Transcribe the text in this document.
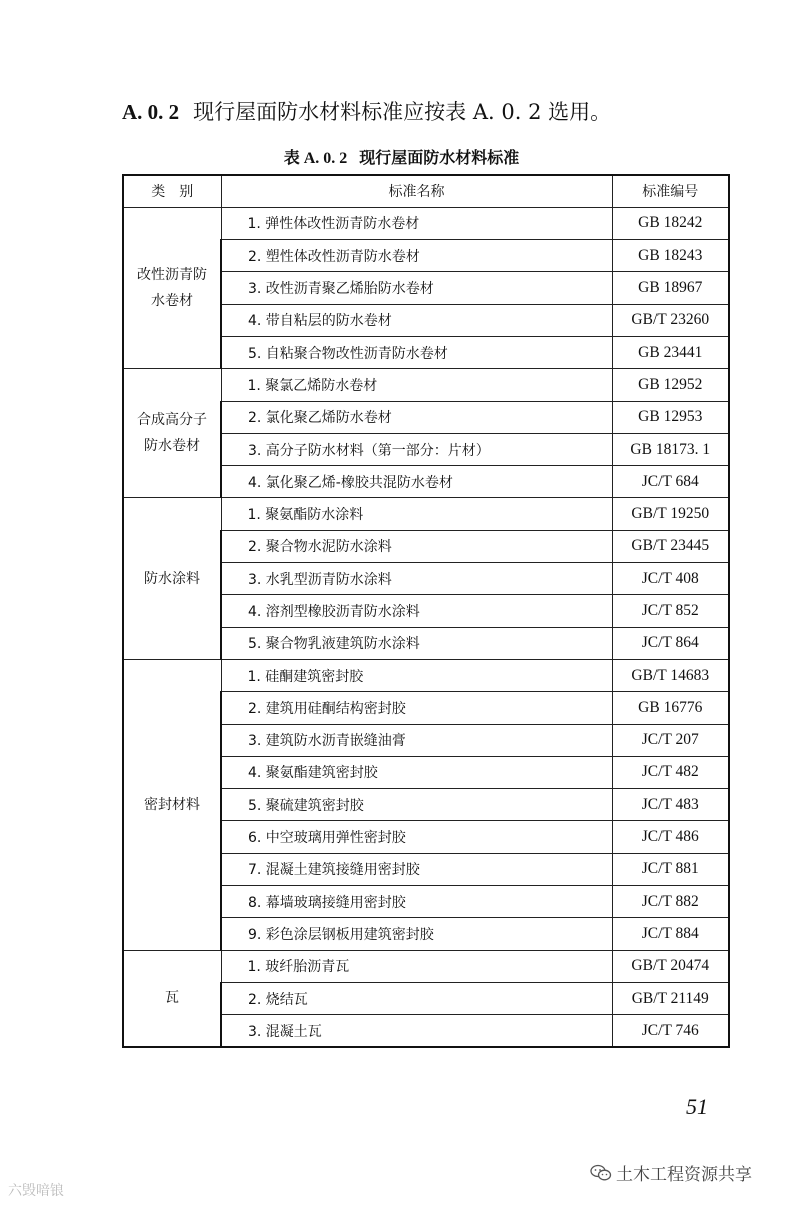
A. 0. 2 现行屋面防水材料标准应按表 A. 0. 2 选用。
表 A. 0. 2 现行屋面防水材料标准
类　别	标准名称	标准编号
改性沥青防水卷材	1. 弹性体改性沥青防水卷材	GB 18242
	2. 塑性体改性沥青防水卷材	GB 18243
	3. 改性沥青聚乙烯胎防水卷材	GB 18967
	4. 带自粘层的防水卷材	GB/T 23260
	5. 自粘聚合物改性沥青防水卷材	GB 23441
合成高分子防水卷材	1. 聚氯乙烯防水卷材	GB 12952
	2. 氯化聚乙烯防水卷材	GB 12953
	3. 高分子防水材料（第一部分：片材）	GB 18173. 1
	4. 氯化聚乙烯-橡胶共混防水卷材	JC/T 684
防水涂料	1. 聚氨酯防水涂料	GB/T 19250
	2. 聚合物水泥防水涂料	GB/T 23445
	3. 水乳型沥青防水涂料	JC/T 408
	4. 溶剂型橡胶沥青防水涂料	JC/T 852
	5. 聚合物乳液建筑防水涂料	JC/T 864
密封材料	1. 硅酮建筑密封胶	GB/T 14683
	2. 建筑用硅酮结构密封胶	GB 16776
	3. 建筑防水沥青嵌缝油膏	JC/T 207
	4. 聚氨酯建筑密封胶	JC/T 482
	5. 聚硫建筑密封胶	JC/T 483
	6. 中空玻璃用弹性密封胶	JC/T 486
	7. 混凝土建筑接缝用密封胶	JC/T 881
	8. 幕墙玻璃接缝用密封胶	JC/T 882
	9. 彩色涂层钢板用建筑密封胶	JC/T 884
瓦	1. 玻纤胎沥青瓦	GB/T 20474
	2. 烧结瓦	GB/T 21149
	3. 混凝土瓦	JC/T 746
51
六毁喑锒
土木工程资源共享
